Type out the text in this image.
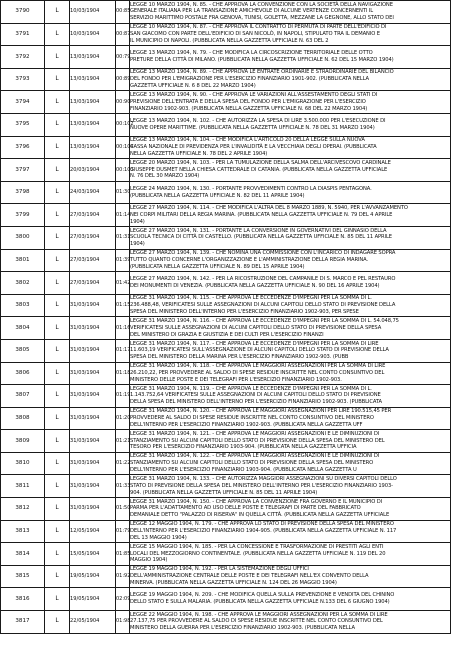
3790	L	10/03/1904	00:85	LEGGE 10 MARZO 1904, N. 85. - CHE APPROVA LA CONVENZIONE CON LA SOCIETÀ DELLA NAVIGAZIONE
GENERALE ITALIANA PER LA TRANSAZIONE AMICHEVOLE DI ALCUNE VERTENZE CONCERNENTI IL
SERVIZIO MARITTIMO POSTALE FRA GENOVA, TUNISI, GOLETTA, MEZZANE LA GEGNONE, ALLO STATO DEI

3791	L	10/03/1904	00:87	LEGGE 10 MARZO 1904, N. 87. - CHE APPROVA IL CONTRATTO DI PERMUTA DI PARTE DELL'EDIFICIO DI
SAN GIACOMO CON PARTE DELL'EDIFICIO DI SAN NICOLÒ, IN NAPOLI, STIPULATO TRA IL DEMANIO E
IL MUNICIPIO DI NAPOLI. (PUBBLICATA NELLA GAZZETTA UFFICIALE N. 63 DEL 2

3792	L	13/03/1904	00:79	LEGGE 13 MARZO 1904, N. 79. - CHE MODIFICA LA CIRCOSCRIZIONE TERRITORIALE DELLE OTTO
PRETURE DELLA CITTÀ DI MILANO. (PUBBLICATA NELLA GAZZETTA UFFICIALE N. 62 DEL 15 MARZO 1904)

3793	L	13/03/1904	00:89	LEGGE 13 MARZO 1904, N. 89. - CHE APPROVA LE ENTRATE ORDINARIE E STRAORDINARIE DEL BILANCIO
DEL FONDO PER L'EMIGRAZIONE PER L'ESERCIZIO FINANZIARIO 1901-902. (PUBBLICATA NELLA
GAZZETTA UFFICIALE N. 6 8 DEL 22 MARZO 1904)

3794	L	13/03/1904	00:90	LEGGE 13 MARZO 1904, N. 90. - CHE APPROVA LE VARIAZIONI ALL'ASSESTAMENTO DEGLI STATI DI
PREVISIONE DELL'ENTRATA E DELLA SPESA DEL FONDO PER L'EMIGRAZIONE PER L'ESERCIZIO
FINANZIARIO 1902-903. (PUBBLICATA NELLA GAZZETTA UFFICIALE N. 68 DEL 22 MARZO 1904)

3795	L	13/03/1904	00:102	LEGGE 13 MARZO 1904, N. 102. - CHE AUTORIZZA LA SPESA DI LIRE 3.500.000 PER L'ESECUZIONE DI
NUOVE OPERE MARITTIME. (PUBBLICATA NELLA GAZZETTA UFFICIALE N. 78 DEL 31 MARZO 1904)

3796	L	13/03/1904	00:104	LEGGE 13 MARZO 1904, N. 104. - CHE MODIFICA L'ARTICOLO 20 DELLA LEGGE SULLA NUOVA
CASSA NAZIONALE DI PREVIDENZA PER L'INVALIDITÀ E LA VECCHIAIA DEGLI OPERAI. (PUBBLICATA
NELLA GAZZETTA UFFICIALE N. 78 DEL 2 APRILE 1904)

3797	L	20/03/1904	00:103	LEGGE 20 MARZO 1904, N. 103. - PER LA TUMULAZIONE DELLA SALMA DELL'ARCIVESCOVO CARDINALE
GIUSEPPE DUSMET NELLA CHIESA CATTEDRALE DI CATANIA. (PUBBLICATA NELLA GAZZETTA UFFICIALE
N. 76 DEL 30 MARZO 1904)

3798	L	24/03/1904	01:30	LEGGE 24 MARZO 1904, N. 130. - PORTANTE PROVVEDIMENTI CONTRO LA DIASPIS PENTAGONA.
(PUBBLICATA NELLA GAZZETTA UFFICIALE N. 82 DEL 11 APRILE 1904)

3799	L	27/03/1904	01:14	LEGGE 27 MARZO 1904, N. 114. - CHE MODIFICA L'ALTRA DEL 8 MARZO 1889, N. 5940, PER L'AVVANZAMENTO
NEI CORPI MILITARI DELLA REGIA MARINA. (PUBBLICATA NELLA GAZZETTA UFFICIALE N. 79 DEL 4 APRILE
1904)

3800	L	27/03/1904	01:31	LEGGE 27 MARZO 1904, N. 131. - PORTANTE LA CONVERSIONE IN GOVERNATIVI DEL GINNASIO DELLA
SCUOLA TECNICA DI CITTÀ DI CASTELLO. (PUBBLICATA NELLA GAZZETTA UFFICIALE N. 85 DEL 11 APRILE
1904)

3801	L	27/03/1904	01:39	LEGGE 27 MARZO 1904, N. 139. - CHE NOMINA UNA COMMISSIONE CON L'INCARICO DI INDAGARE SOPRA
TUTTO QUANTO CONCERNE L'ORGANIZZAZIONE E L'AMMINISTRAZIONE DELLA REGIA MARINA.
(PUBBLICATA NELLA GAZZETTA UFFICIALE N. 89 DEL 15 APRILE 1904)

3802	L	27/03/1904	01:42	LEGGE 27 MARZO 1904, N. 142. - PER LA RICOSTRUZIONE DEL CAMPANILE DI S. MARCO E PEL RESTAURO
DEI MONUMENTI DI VENEZIA. (PUBBLICATA NELLA GAZZETTA UFFICIALE N. 90 DEL 16 APRILE 1904)

3803	L	31/03/1904	01:15	LEGGE 31 MARZO 1904, N. 115. - CHE APPROVA LE ECCEDENZE D'IMPEGNI PER LA SOMMA DI L.
236.488,48, VERIFICATESI SULLE ASSEGNAZIONI DI ALCUNI CAPITOLI DELLO STATO DI PREVISIONE DELLA
SPESA DEL MINISTERO DELL'INTERNO PER L'ESERCIZIO FINANZIARIO 1902-903, PER SPESE

3804	L	31/03/1904	01:16	LEGGE 31 MARZO 1904, N. 116. - CHE APPROVA LE ECCEDENZE D'IMPEGNI PER LA SOMMA DI L. 54.048,75
VERIFICATESI SULLE ASSEGNAZIONI DI ALCUNI CAPITOLI DELLO STATO DI PREVISIONE DELLA SPESA
DEL MINISTERO DI GRAZIA E GIUSTIZIA E DEI CULTI PER L'ESERCIZIO FINANZI

3805	L	31/03/1904	01:17	LEGGE 31 MARZO 1904, N. 117. - CHE APPROVA LE ECCEDENZE D'IMPEGNI PER LA SOMMA DI LIRE
11.603,19 VERIFICATESI SULL'ASSEGNAZIONE DI ALCUNI CAPITOLI DELLO STATO DI PREVISIONE DELLA
SPESA DEL MINISTERO DELLA MARINA PER L'ESERCIZIO FINANZIARIO 1902-903. (PUBB

3806	L	31/03/1904	01:18	LEGGE 31 MARZO 1904, N. 118. - CHE APPROVA LE MAGGIORI ASSEGNAZIONI PER LA SOMMA DI LIRE
26.210,22, PER PROVVEDERE AL SALDO DI SPESE RESIDUE INSCRITTE NEL CONTO CONSUNTIVO DEL
MINISTERO DELLE POSTE E DEI TELEGRAFI PER L'ESERCIZIO FINANZIARIO 1902-903.

3807	L	31/03/1904	01:19	LEGGE 31 MARZO 1904, N. 119. - CHE APPROVA LE ECCEDENZE D'IMPEGNI PER LA SOMMA DI L.
1.143.752,64 VERIFICATESI SULLE ASSEGNAZIONI DI ALCUNI CAPITOLI DELLO STATO DI PREVISIONE
DELLA SPESA DEL MINISTERO DELL'INTERNO PER L'ESERCIZIO FINANZIARIO 1902-903. (PUBBLICATA

3808	L	31/03/1904	01:20	LEGGE 31 MARZO 1904, N. 120. - CHE APPROVA LE MAGGIORI ASSEGNAZIONI PER LIRE 190.515,45 PER
PROVVEDERE AL SALDO DI SPESE RESIDUE INSCRITTE NEL CONTO CONSUNTIVO DEL MINISTERO
DELL'INTERNO PER L'ESERCIZIO FINANZIARIO 1902-903. (PUBBLICATA NELLA GAZZETTA UFF

3809	L	31/03/1904	01:21	LEGGE 31 MARZO 1904, N. 121. - CHE APPROVA LE MAGGIORI ASSEGNAZIONI E LE DIMINUZIONI DI
STANZIAMENTO SU ALCUNI CAPITOLI DELLO STATO DI PREVISIONE DELLA SPESA DEL MINISTERO DEL
TESORO PER L'ESERCIZIO FINANZIARIO 1903-904. (PUBBLICATA NELLA GAZZETTA UFFICIA

3810	L	31/03/1904	01:22	LEGGE 31 MARZO 1904, N. 122. - CHE APPROVA LE MAGGIORI ASSEGNAZIONI E LE DIMINUZIONI DI
STANZIAMENTO SU ALCUNI CAPITOLI DELLO STATO DI PREVISIONE DELLA SPESA DEL MINISTERO
DELL'INTERNO PER L'ESERCIZIO FINANZIARIO 1903-904. (PUBBLICATA NELLA GAZZETTA U

3811	L	31/03/1904	01:33	LEGGE 31 MARZO 1904, N. 133. - CHE AUTORIZZA MAGGIORI ASSEGNAZIONI SU DIVERSI CAPITOLI DELLO
STATO DI PREVISIONE DELLA SPESA DEL MINISTERO DELL'INTERNO PER L'ESERCIZIO FINANZIARIO 1903-
904. (PUBBLICATA NELLA GAZZETTA UFFICIALE N. 85 DEL 11 APRILE 1904)

3812	L	31/03/1904	01:50	LEGGE 31 MARZO 1904, N. 150. - CHE APPROVA LA CONVENZIONE FRA GOVERNO E IL MUNICIPIO DI
PARMA PER L'ADATTAMENTO AD USO DELLE POSTE E TELEGRAFI DI PARTE DEL FABBRICATO
DEMANIALE DETTO "PALAZZO DI RISERVA" IN QUELLA CITTÀ. (PUBBLICATA NELLA GAZZETTA UFFICIALE

3813	L	12/05/1904	01:79	LEGGE 12 MAGGIO 1904, N. 179. - CHE APPROVA LO STATO DI PREVISIONE DELLA SPESA DEL MINISTERO
DELL'INTERNO PER L'ESERCIZIO FINANZIARIO 1904-905. (PUBBLICATA NELLA GAZZETTA UFFICIALE N. 117
DEL 13 MAGGIO 1904)

3814	L	15/05/1904	01:85	LEGGE 15 MAGGIO 1904, N. 185. - PER LA CONCESSIONE E TRASFORMAZIONE DI PRESTITI AGLI ENTI
LOCALI DEL MEZZOGIORNO CONTINENTALE. (PUBBLICATA NELLA GAZZETTA UFFICIALE N. 119 DEL 20
MAGGIO 1904)

3815	L	19/05/1904	01:92	LEGGE 19 MAGGIO 1904, N. 192. - PER LA SISTEMAZIONE DEGLI UFFICI
DELL'AMMINISTRAZIONE CENTRALE DELLE POSTE E DEI TELEGRAFI NELL'EX CONVENTO DELLA
MINERVA. (PUBBLICATA NELLA GAZZETTA UFFICIALE N. 124 DEL 26 MAGGIO 1904)

3816	L	19/05/1904	02:09	LEGGE 19 MAGGIO 1904, N. 209. - CHE MODIFICA QUELLA SULLA PREVENZIONE E VENDITA DEL CHININO
DELLO STATO E SULLA MALARIA. (PUBBLICATA NELLA GAZZETTA UFFICIALE N.133 DEL 6 GIUGNO 1904)

3817	L	22/05/1904	01:98	LEGGE 22 MAGGIO 1904, N. 198. - CHE APPROVA LE MAGGIORI ASSEGNAZIONI PER LA SOMMA DI LIRE
27.137,75 PER PROVVEDERE AL SALDO DI SPESE RESIDUE INSCRITTE NEL CONTO CONSUNTIVO DEL
MINISTERO DELLA GUERRA PER L'ESERCIZIO FINANZIARIO 1902-903. (PUBBLICATA NELLA
